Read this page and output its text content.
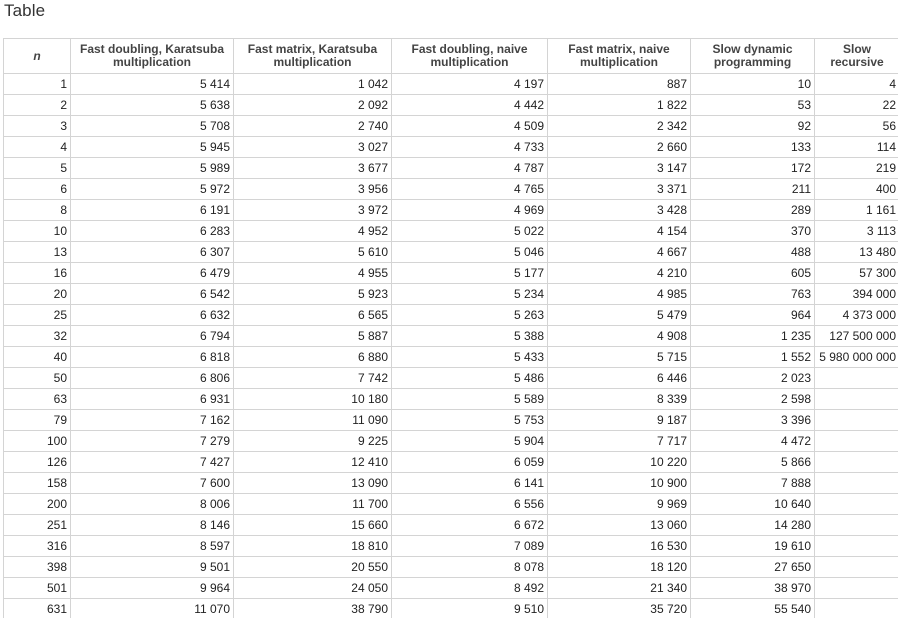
Table
n	Fast doubling, Karatsuba multiplication	Fast matrix, Karatsuba multiplication	Fast doubling, naive multiplication	Fast matrix, naive multiplication	Slow dynamic programming	Slow recursive
1	5 414	1 042	4 197	887	10	4
2	5 638	2 092	4 442	1 822	53	22
3	5 708	2 740	4 509	2 342	92	56
4	5 945	3 027	4 733	2 660	133	114
5	5 989	3 677	4 787	3 147	172	219
6	5 972	3 956	4 765	3 371	211	400
8	6 191	3 972	4 969	3 428	289	1 161
10	6 283	4 952	5 022	4 154	370	3 113
13	6 307	5 610	5 046	4 667	488	13 480
16	6 479	4 955	5 177	4 210	605	57 300
20	6 542	5 923	5 234	4 985	763	394 000
25	6 632	6 565	5 263	5 479	964	4 373 000
32	6 794	5 887	5 388	4 908	1 235	127 500 000
40	6 818	6 880	5 433	5 715	1 552	5 980 000 000
50	6 806	7 742	5 486	6 446	2 023	
63	6 931	10 180	5 589	8 339	2 598	
79	7 162	11 090	5 753	9 187	3 396	
100	7 279	9 225	5 904	7 717	4 472	
126	7 427	12 410	6 059	10 220	5 866	
158	7 600	13 090	6 141	10 900	7 888	
200	8 006	11 700	6 556	9 969	10 640	
251	8 146	15 660	6 672	13 060	14 280	
316	8 597	18 810	7 089	16 530	19 610	
398	9 501	20 550	8 078	18 120	27 650	
501	9 964	24 050	8 492	21 340	38 970	
631	11 070	38 790	9 510	35 720	55 540	
